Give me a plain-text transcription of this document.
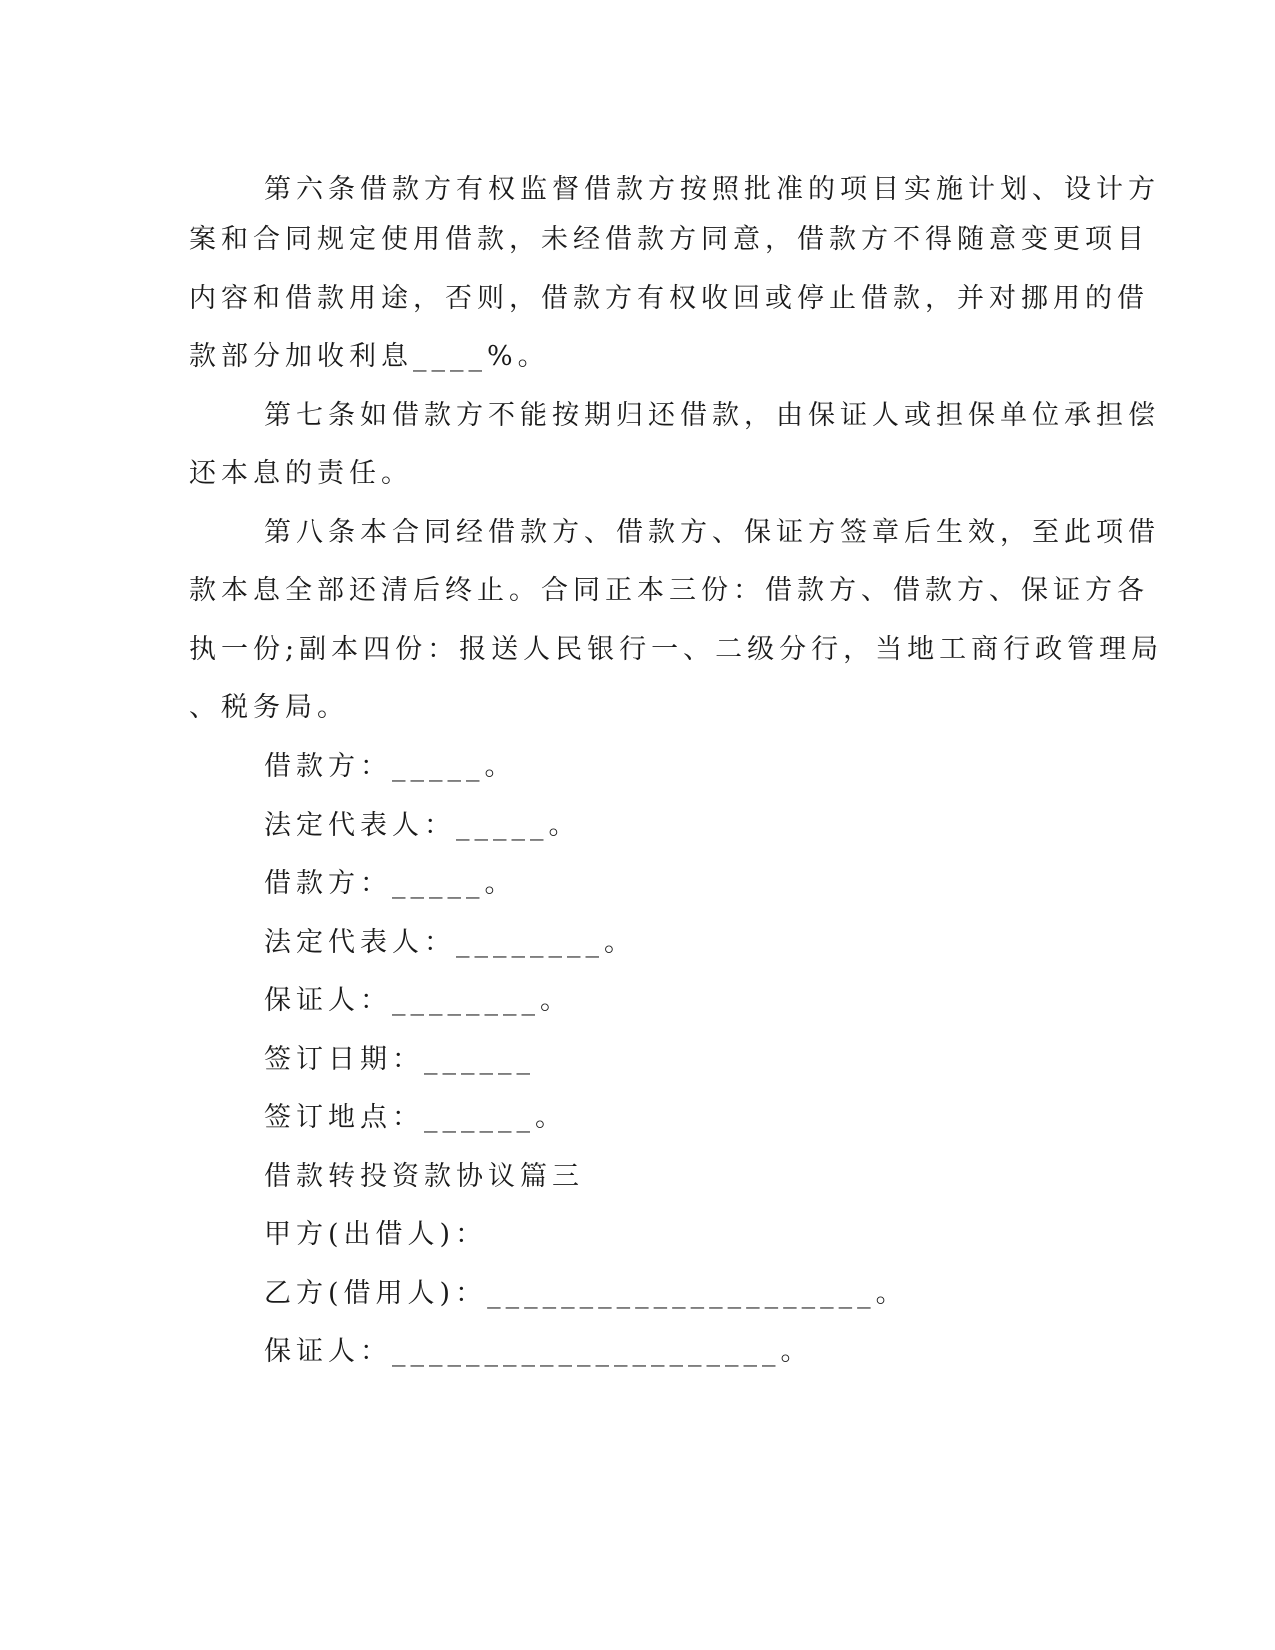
第六条借款方有权监督借款方按照批准的项目实施计划、设计方

案和合同规定使用借款，未经借款方同意，借款方不得随意变更项目

内容和借款用途，否则，借款方有权收回或停止借款，并对挪用的借

款部分加收利息____%。

第七条如借款方不能按期归还借款，由保证人或担保单位承担偿

还本息的责任。

第八条本合同经借款方、借款方、保证方签章后生效，至此项借

款本息全部还清后终止。合同正本三份：借款方、借款方、保证方各

执一份;副本四份：报送人民银行一、二级分行，当地工商行政管理局

、税务局。

借款方：_____。

法定代表人：_____。

借款方：_____。

法定代表人：________。

保证人：________。

签订日期：______

签订地点：______。

借款转投资款协议篇三

甲方(出借人)：

乙方(借用人)：_____________________。

保证人：_____________________。
